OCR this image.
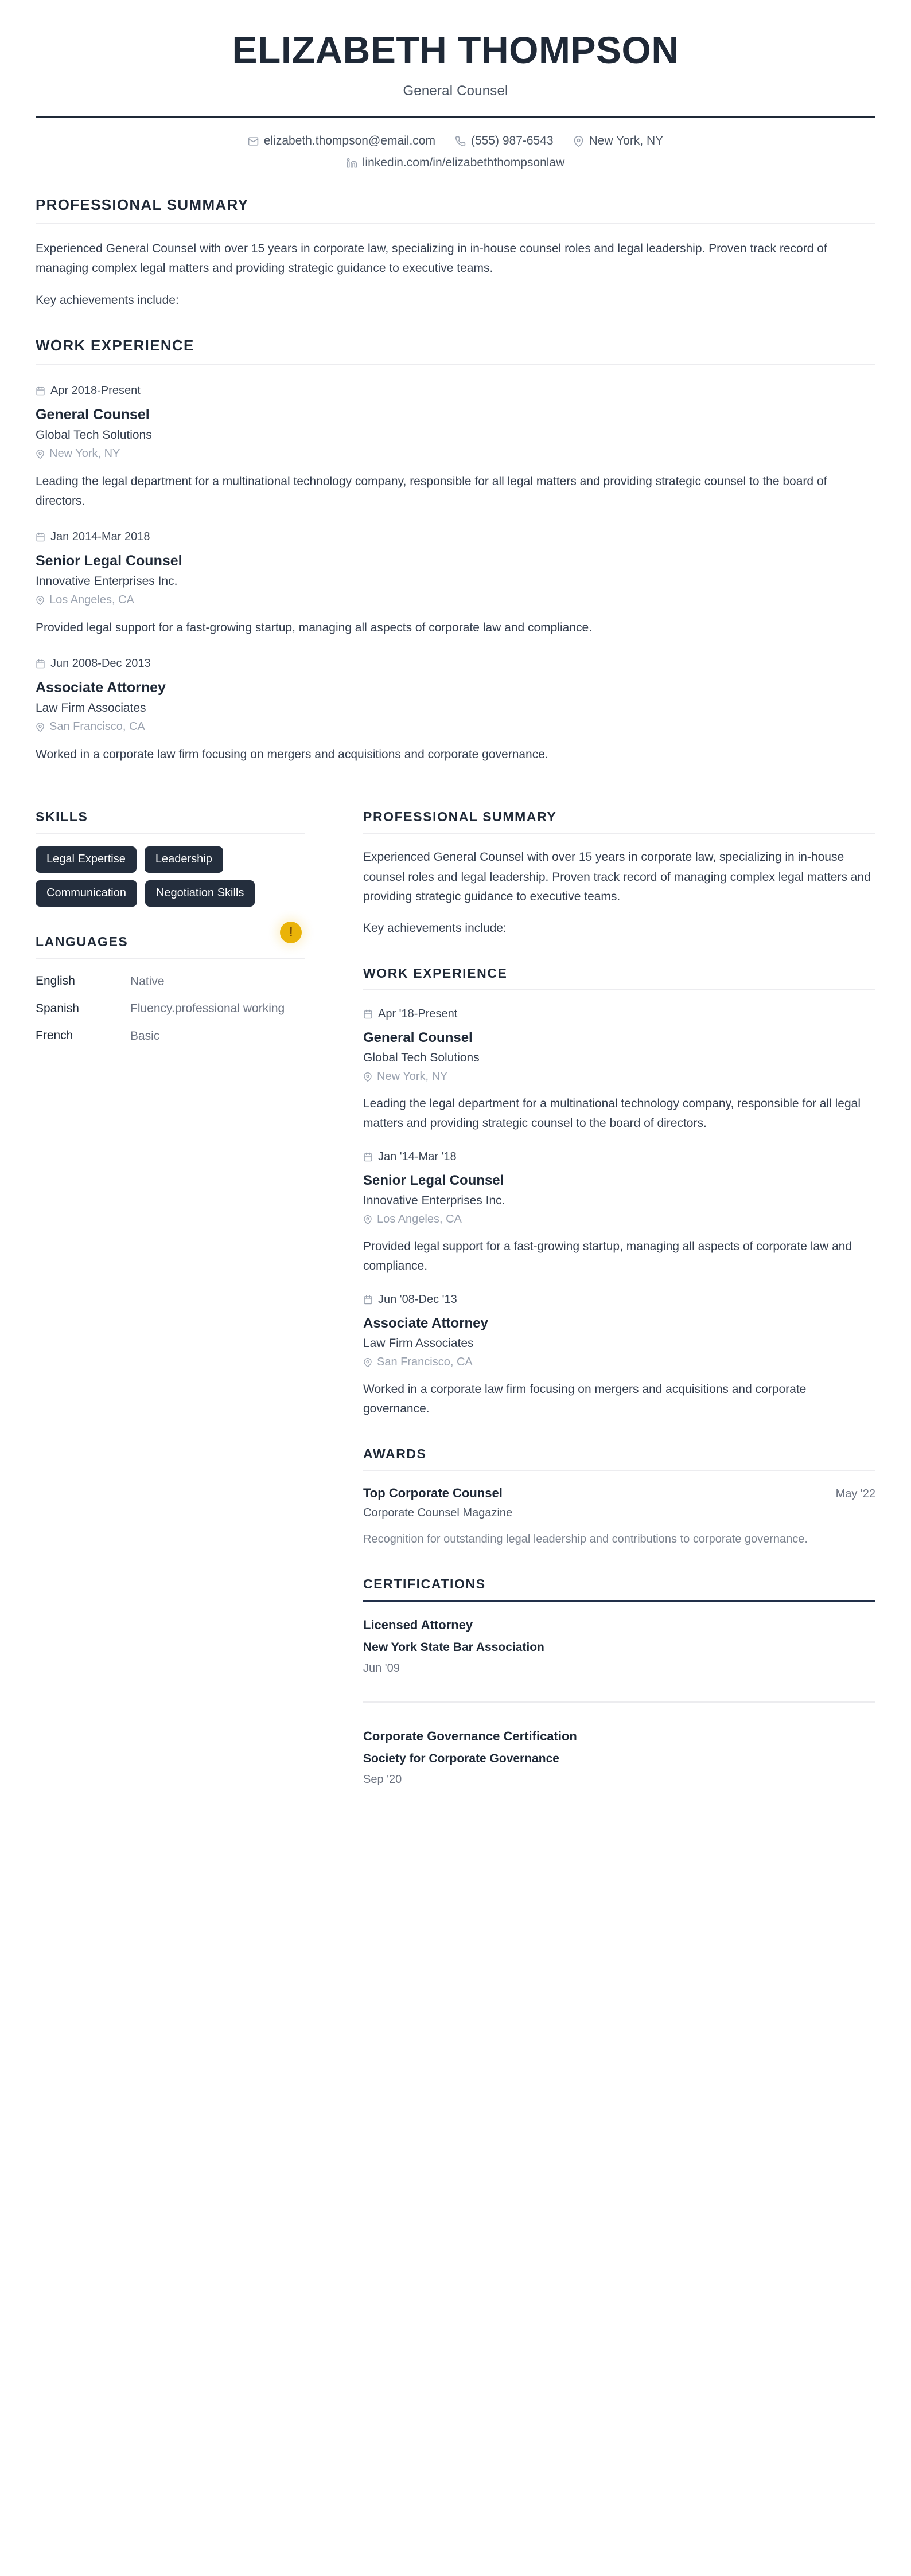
ELIZABETH THOMPSON
General Counsel
elizabeth.thompson@email.com	(555) 987-6543	New York, NY
linkedin.com/in/elizabeththompsonlaw
PROFESSIONAL SUMMARY
Experienced General Counsel with over 15 years in corporate law, specializing in in-house counsel roles and legal leadership. Proven track record of managing complex legal matters and providing strategic guidance to executive teams.
Key achievements include:
WORK EXPERIENCE
Apr 2018-Present
General Counsel
Global Tech Solutions
New York, NY
Leading the legal department for a multinational technology company, responsible for all legal matters and providing strategic counsel to the board of directors.
Jan 2014-Mar 2018
Senior Legal Counsel
Innovative Enterprises Inc.
Los Angeles, CA
Provided legal support for a fast-growing startup, managing all aspects of corporate law and compliance.
Jun 2008-Dec 2013
Associate Attorney
Law Firm Associates
San Francisco, CA
Worked in a corporate law firm focusing on mergers and acquisitions and corporate governance.
SKILLS
Legal Expertise	Leadership
Communication	Negotiation Skills
!
LANGUAGES
English	Native
Spanish	Fluency.professional working
French	Basic
PROFESSIONAL SUMMARY
Experienced General Counsel with over 15 years in corporate law, specializing in in-house counsel roles and legal leadership. Proven track record of managing complex legal matters and providing strategic guidance to executive teams.
Key achievements include:
WORK EXPERIENCE
Apr '18-Present
General Counsel
Global Tech Solutions
New York, NY
Leading the legal department for a multinational technology company, responsible for all legal matters and providing strategic counsel to the board of directors.
Jan '14-Mar '18
Senior Legal Counsel
Innovative Enterprises Inc.
Los Angeles, CA
Provided legal support for a fast-growing startup, managing all aspects of corporate law and compliance.
Jun '08-Dec '13
Associate Attorney
Law Firm Associates
San Francisco, CA
Worked in a corporate law firm focusing on mergers and acquisitions and corporate governance.
AWARDS
Top Corporate Counsel	May '22
Corporate Counsel Magazine
Recognition for outstanding legal leadership and contributions to corporate governance.
CERTIFICATIONS
Licensed Attorney
New York State Bar Association
Jun '09
Corporate Governance Certification
Society for Corporate Governance
Sep '20
